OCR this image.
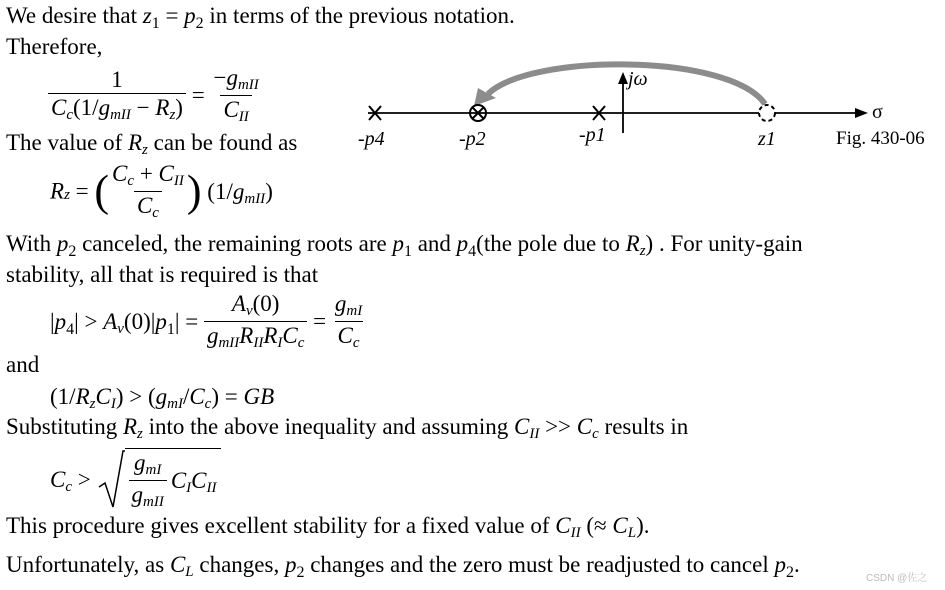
We desire that $z_1 = p_2$ in terms of the previous notation.
Therefore,
$\frac{1}{\text{Cc(1/gmII − Rz)}} = \frac{\text{−gmII}}{\text{CII}}$
The value of Rz can be found as
jω
σ
-p4	-p2	-p1	z1	Fig. 430-06
Rz = ( $\frac{\text{Cc + CII}}{Cc}$ ) (1/gmII)
With $p_2$ canceled, the remaining roots are $p_1$ and $p_4(the$ pole due to Rz) . For unity-gain
stability, all that is required is that
$|p_4| > Av(0)|p_1| = \frac{Av(0)}{\text{gmIIRIIRICc}} = \frac{\text{gmI}}{Cc}$
and
(1/RzCI) > (gmI/Cc) = GB
Substituting Rz into the above inequality and assuming CII >> Cc results in
$Cc > \frac{\text{gmI}}{\text{gmII}}$ CICII
This procedure gives excellent stability for a fixed value of CII (≈ CL).
Unfortunately, as CL changes, $p_2$ changes and the zero must be readjusted to cancel $p_2$.
CSDN @佐之
